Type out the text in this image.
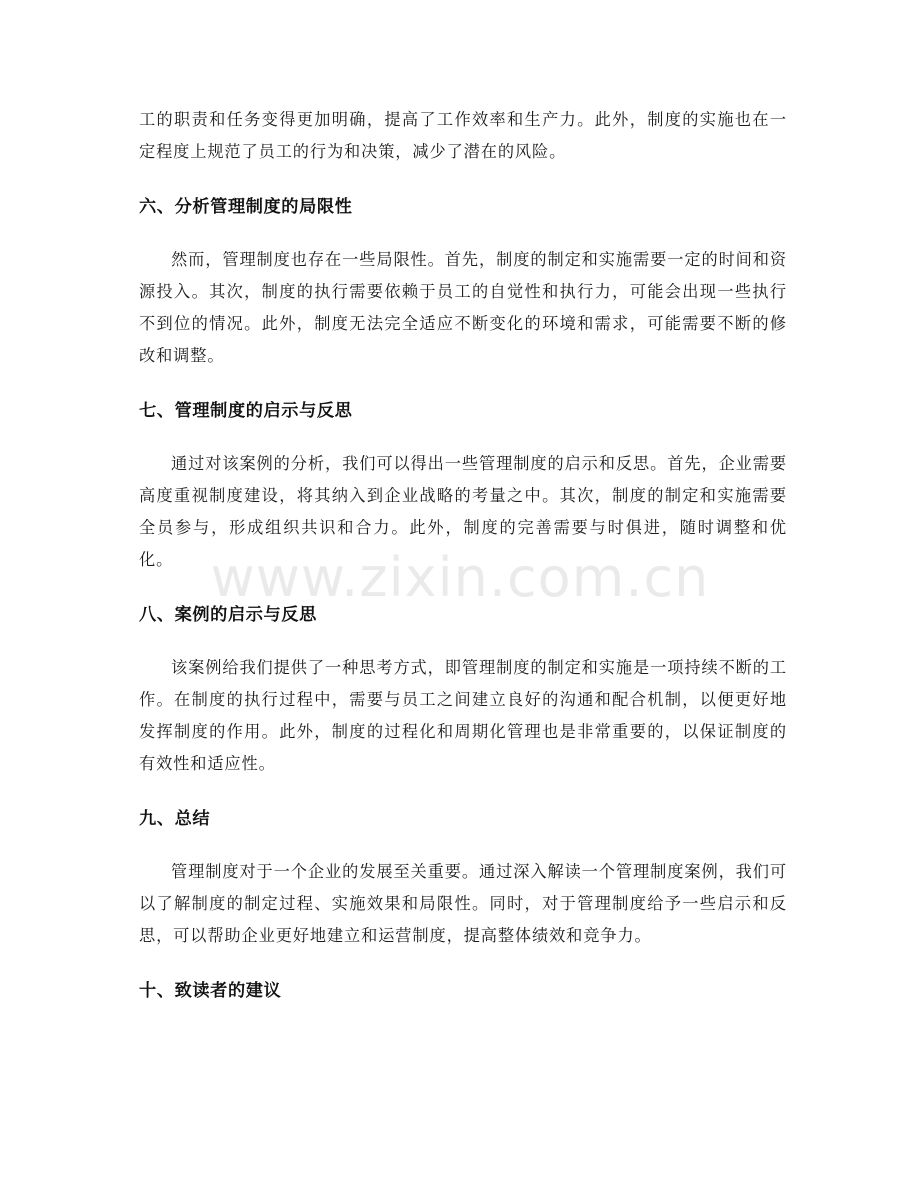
www.zixin.com.cn

工的职责和任务变得更加明确，提高了工作效率和生产力。此外，制度的实施也在一定程度上规范了员工的行为和决策，减少了潜在的风险。

六、分析管理制度的局限性

然而，管理制度也存在一些局限性。首先，制度的制定和实施需要一定的时间和资源投入。其次，制度的执行需要依赖于员工的自觉性和执行力，可能会出现一些执行不到位的情况。此外，制度无法完全适应不断变化的环境和需求，可能需要不断的修改和调整。

七、管理制度的启示与反思

通过对该案例的分析，我们可以得出一些管理制度的启示和反思。首先，企业需要高度重视制度建设，将其纳入到企业战略的考量之中。其次，制度的制定和实施需要全员参与，形成组织共识和合力。此外，制度的完善需要与时俱进，随时调整和优化。

八、案例的启示与反思

该案例给我们提供了一种思考方式，即管理制度的制定和实施是一项持续不断的工作。在制度的执行过程中，需要与员工之间建立良好的沟通和配合机制，以便更好地发挥制度的作用。此外，制度的过程化和周期化管理也是非常重要的，以保证制度的有效性和适应性。

九、总结

管理制度对于一个企业的发展至关重要。通过深入解读一个管理制度案例，我们可以了解制度的制定过程、实施效果和局限性。同时，对于管理制度给予一些启示和反思，可以帮助企业更好地建立和运营制度，提高整体绩效和竞争力。

十、致读者的建议
